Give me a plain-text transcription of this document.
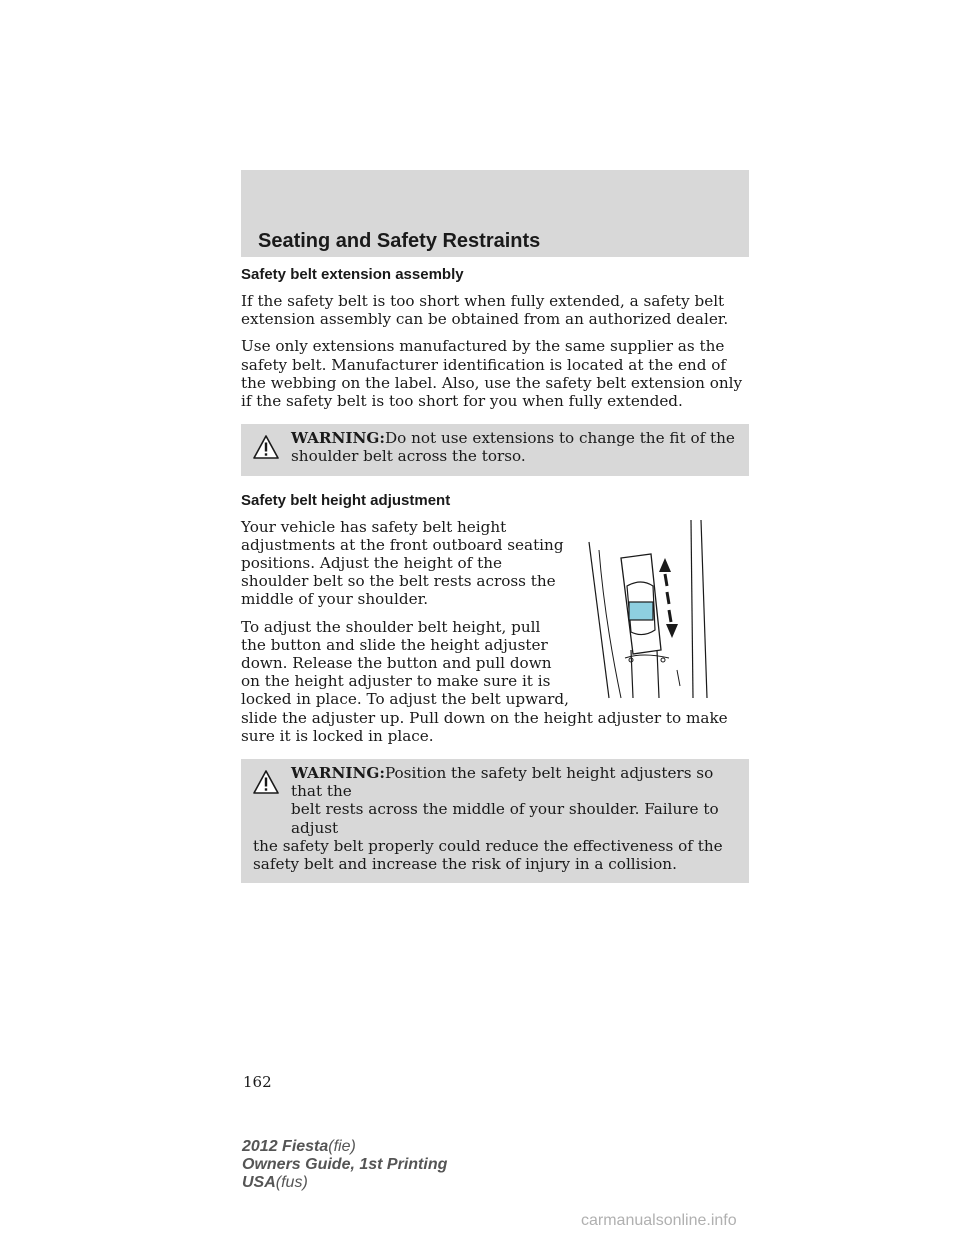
Seating and Safety Restraints
Safety belt extension assembly

If the safety belt is too short when fully extended, a safety belt extension assembly can be obtained from an authorized dealer.

Use only extensions manufactured by the same supplier as the safety belt. Manufacturer identification is located at the end of the webbing on the label. Also, use the safety belt extension only if the safety belt is too short for you when fully extended.

WARNING:Do not use extensions to change the fit of the
shoulder belt across the torso.
Safety belt height adjustment

Your vehicle has safety belt height adjustments at the front outboard seating positions. Adjust the height of the shoulder belt so the belt rests across the middle of your shoulder.

To adjust the shoulder belt height, pull the button and slide the height adjuster down. Release the button and pull down on the height adjuster to make sure it is locked in place. To adjust the belt upward, slide the adjuster up. Pull down on the height adjuster to make sure it is locked in place.

WARNING:Position the safety belt height adjusters so that the
belt rests across the middle of your shoulder. Failure to adjust
the safety belt properly could reduce the effectiveness of the safety belt and increase the risk of injury in a collision.
162
2012 Fiesta(fie)
Owners Guide, 1st Printing
USA(fus)
carmanualsonline.info
